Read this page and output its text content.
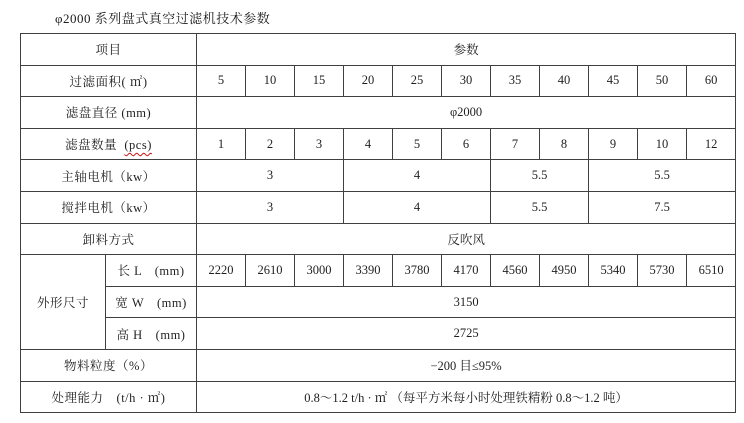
φ2000 系列盘式真空过滤机技术参数
项目		参数										
过滤面积( ㎡)		5	10	15	20	25	30	35	40	45	50	60
滤盘直径 (mm)		φ2000										
滤盘数量 (pcs)		1	2	3	4	5	6	7	8	9	10	12
主轴电机（kw）		3			4			5.5		5.5		
搅拌电机（kw）		3			4			5.5		7.5		
卸料方式		反吹风										
外形尺寸	长 L　(mm)	2220	2610	3000	3390	3780	4170	4560	4950	5340	5730	6510
	宽 W　(mm)	3150										
	高 H　(mm)	2725										
物料粒度（%）		−200 目≤95%										
处理能力　(t/h · ㎡)		0.8～1.2 t/h · ㎡ （每平方米每小时处理铁精粉 0.8～1.2 吨）										
